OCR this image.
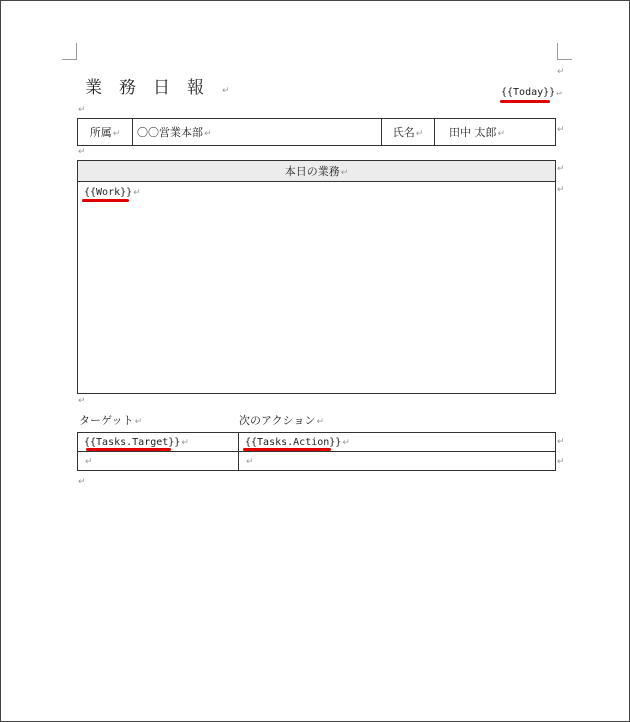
業務日報↵	{{Today}}↵
↵
↵
所属↵	〇〇営業本部↵	氏名↵	田中 太郎↵	↵
↵
本日の業務↵
{{Work}}↵
↵
↵
↵
ターゲット↵	次のアクション↵
{{Tasks.Target}}↵	{{Tasks.Action}}↵
↵	↵
↵
↵
↵
